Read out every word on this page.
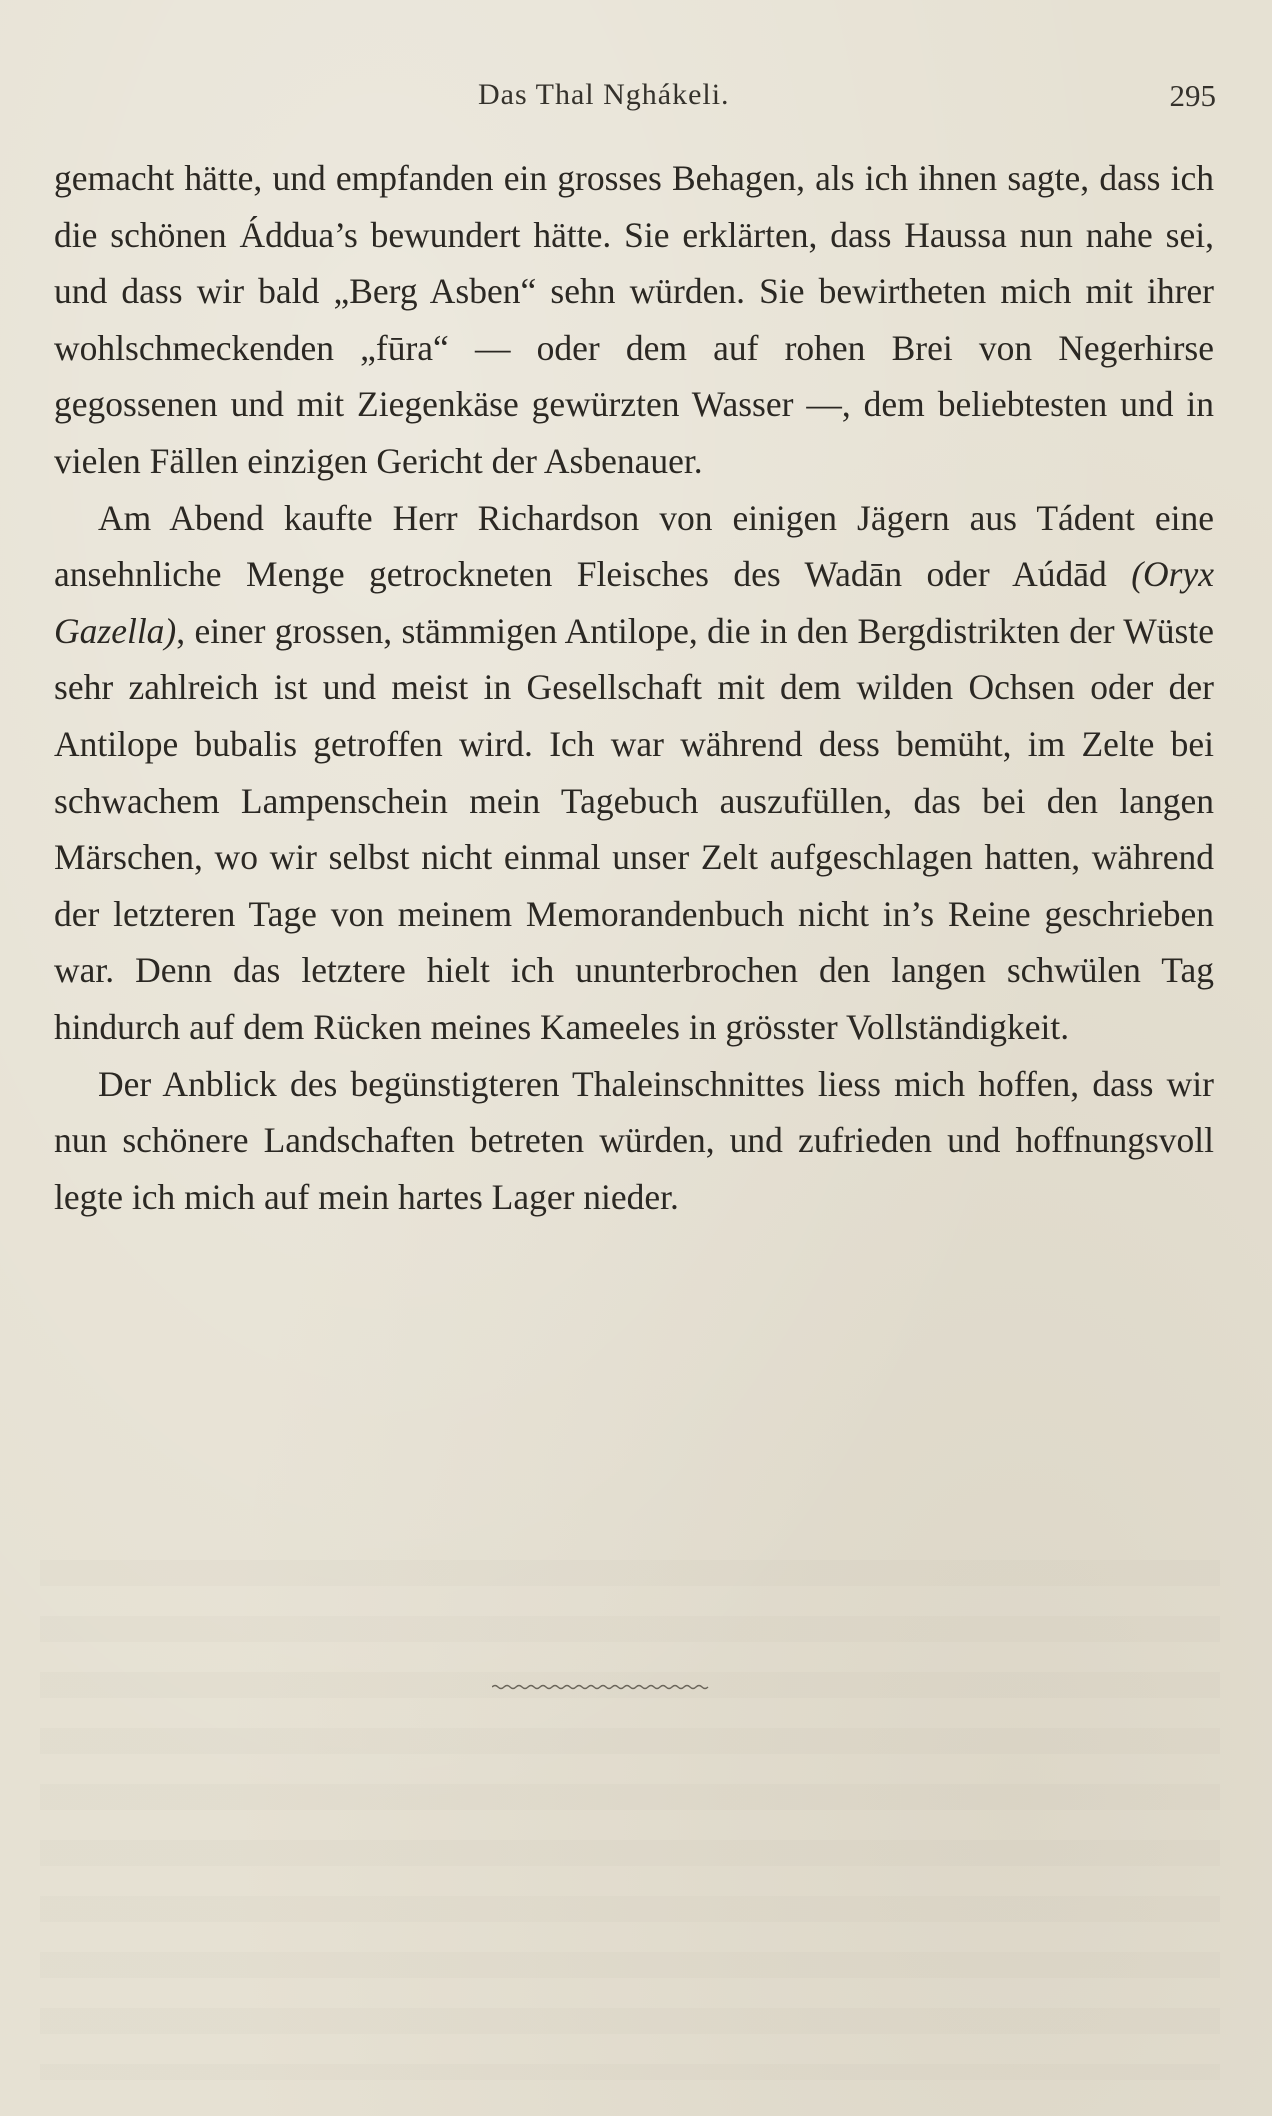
Das Thal Nghákeli.	295

gemacht hätte, und empfanden ein grosses Behagen, als ich ihnen sagte, dass ich die schönen Áddua’s bewundert hätte. Sie erklärten, dass Haussa nun nahe sei, und dass wir bald „Berg Asben“ sehn würden. Sie bewirtheten mich mit ihrer wohlschmeckenden „fūra“ — oder dem auf rohen Brei von Negerhirse gegossenen und mit Ziegenkäse gewürzten Wasser —, dem beliebtesten und in vielen Fällen einzigen Gericht der Asbenauer.

Am Abend kaufte Herr Richardson von einigen Jägern aus Tádent eine ansehnliche Menge getrockneten Fleisches des Wadān oder Aúdād (Oryx Gazella), einer grossen, stämmigen Antilope, die in den Bergdistrikten der Wüste sehr zahlreich ist und meist in Gesellschaft mit dem wilden Ochsen oder der Antilope bubalis getroffen wird. Ich war während dess bemüht, im Zelte bei schwachem Lampenschein mein Tagebuch auszufüllen, das bei den langen Märschen, wo wir selbst nicht einmal unser Zelt aufgeschlagen hatten, während der letzteren Tage von meinem Memorandenbuch nicht in’s Reine geschrieben war. Denn das letztere hielt ich ununterbrochen den langen schwülen Tag hindurch auf dem Rücken meines Kameeles in grösster Vollständigkeit.

Der Anblick des begünstigteren Thaleinschnittes liess mich hoffen, dass wir nun schönere Landschaften betreten würden, und zufrieden und hoffnungsvoll legte ich mich auf mein hartes Lager nieder.
